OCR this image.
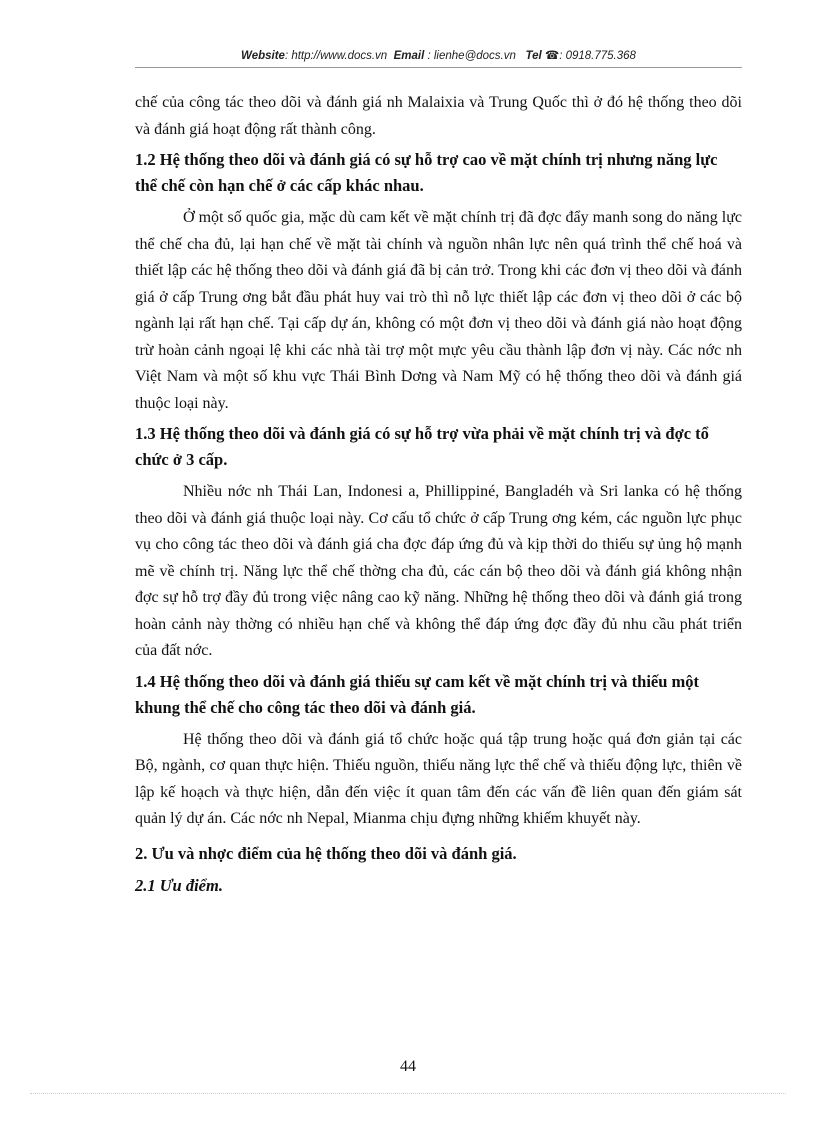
Website: http://www.docs.vn Email : lienhe@docs.vn Tel ☎: 0918.775.368

chế của công tác theo dõi và đánh giá nh Malaixia và Trung Quốc thì ở đó hệ thống theo dõi và đánh giá hoạt động rất thành công.

1.2 Hệ thống theo dõi và đánh giá có sự hỗ trợ cao về mặt chính trị nhưng năng lực thể chế còn hạn chế ở các cấp khác nhau.

Ở một số quốc gia, mặc dù cam kết về mặt chính trị đã đợc đẩy manh song do năng lực thể chế cha đủ, lại hạn chế về mặt tài chính và nguồn nhân lực nên quá trình thể chế hoá và thiết lập các hệ thống theo dõi và đánh giá đã bị cản trở. Trong khi các đơn vị theo dõi và đánh giá ở cấp Trung ơng bắt đầu phát huy vai trò thì nỗ lực thiết lập các đơn vị theo dõi ở các bộ ngành lại rất hạn chế. Tại cấp dự án, không có một đơn vị theo dõi và đánh giá nào hoạt động trừ hoàn cảnh ngoại lệ khi các nhà tài trợ một mực yêu cầu thành lập đơn vị này. Các nớc nh Việt Nam và một số khu vực Thái Bình Dơng và Nam Mỹ có hệ thống theo dõi và đánh giá thuộc loại này.

1.3 Hệ thống theo dõi và đánh giá có sự hỗ trợ vừa phải về mặt chính trị và đợc tổ chức ở 3 cấp.

Nhiều nớc nh Thái Lan, Indonesi a, Phillippiné, Bangladéh và Sri lanka có hệ thống theo dõi và đánh giá thuộc loại này. Cơ cấu tổ chức ở cấp Trung ơng kém, các nguồn lực phục vụ cho công tác theo dõi và đánh giá cha đợc đáp ứng đủ và kịp thời do thiếu sự ủng hộ mạnh mẽ về chính trị. Năng lực thể chế thờng cha đủ, các cán bộ theo dõi và đánh giá không nhận đợc sự hỗ trợ đầy đủ trong việc nâng cao kỹ năng. Những hệ thống theo dõi và đánh giá trong hoàn cảnh này thờng có nhiều hạn chế và không thể đáp ứng đợc đầy đủ nhu cầu phát triển của đất nớc.

1.4 Hệ thống theo dõi và đánh giá thiếu sự cam kết về mặt chính trị và thiếu một khung thể chế cho công tác theo dõi và đánh giá.

Hệ thống theo dõi và đánh giá tổ chức hoặc quá tập trung hoặc quá đơn giản tại các Bộ, ngành, cơ quan thực hiện. Thiếu nguồn, thiếu năng lực thể chế và thiếu động lực, thiên về lập kế hoạch và thực hiện, dẫn đến việc ít quan tâm đến các vấn đề liên quan đến giám sát quản lý dự án. Các nớc nh Nepal, Mianma chịu đựng những khiếm khuyết này.

2. Ưu và nhợc điểm của hệ thống theo dõi và đánh giá.
2.1 Ưu điểm.
44
